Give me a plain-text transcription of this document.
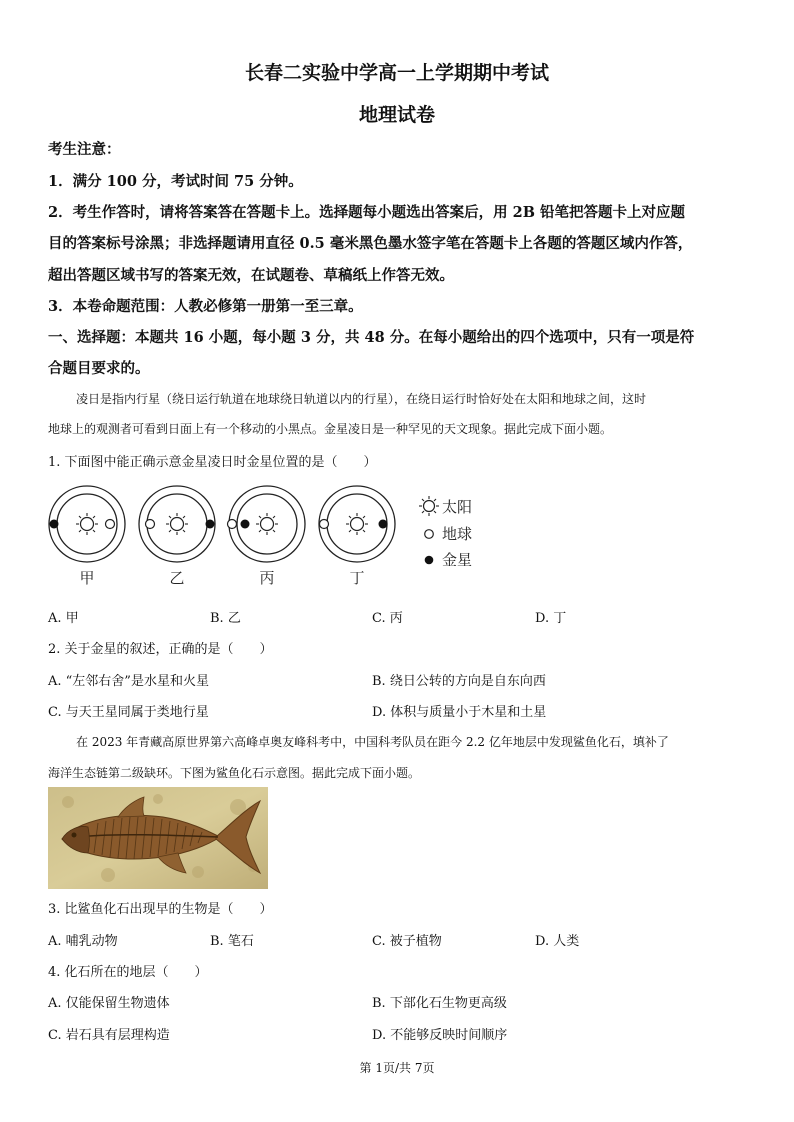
长春二实验中学高一上学期期中考试
地理试卷
考生注意：
1．满分 100 分，考试时间 75 分钟。
2．考生作答时，请将答案答在答题卡上。选择题每小题选出答案后，用 2B 铅笔把答题卡上对应题
目的答案标号涂黑；非选择题请用直径 0.5 毫米黑色墨水签字笔在答题卡上各题的答题区域内作答，
超出答题区域书写的答案无效，在试题卷、草稿纸上作答无效。
3．本卷命题范围：人教必修第一册第一至三章。
一、选择题：本题共 16 小题，每小题 3 分，共 48 分。在每小题给出的四个选项中，只有一项是符
合题目要求的。
凌日是指内行星（绕日运行轨道在地球绕日轨道以内的行星），在绕日运行时恰好处在太阳和地球之间，这时
地球上的观测者可看到日面上有一个移动的小黑点。金星凌日是一种罕见的天文现象。据此完成下面小题。
1. 下面图中能正确示意金星凌日时金星位置的是（　　）
甲	乙	丙	丁
太阳
地球
金星
A. 甲	B. 乙	C. 丙	D. 丁
2. 关于金星的叙述，正确的是（　　）
A. “左邻右舍”是水星和火星	B. 绕日公转的方向是自东向西
C. 与天王星同属于类地行星	D. 体积与质量小于木星和土星
在 2023 年青藏高原世界第六高峰卓奥友峰科考中，中国科考队员在距今 2.2 亿年地层中发现鲨鱼化石，填补了
海洋生态链第二级缺环。下图为鲨鱼化石示意图。据此完成下面小题。
3. 比鲨鱼化石出现早的生物是（　　）
A. 哺乳动物	B. 笔石	C. 被子植物	D. 人类
4. 化石所在的地层（　　）
A. 仅能保留生物遗体	B. 下部化石生物更高级
C. 岩石具有层理构造	D. 不能够反映时间顺序
第 1页/共 7页
